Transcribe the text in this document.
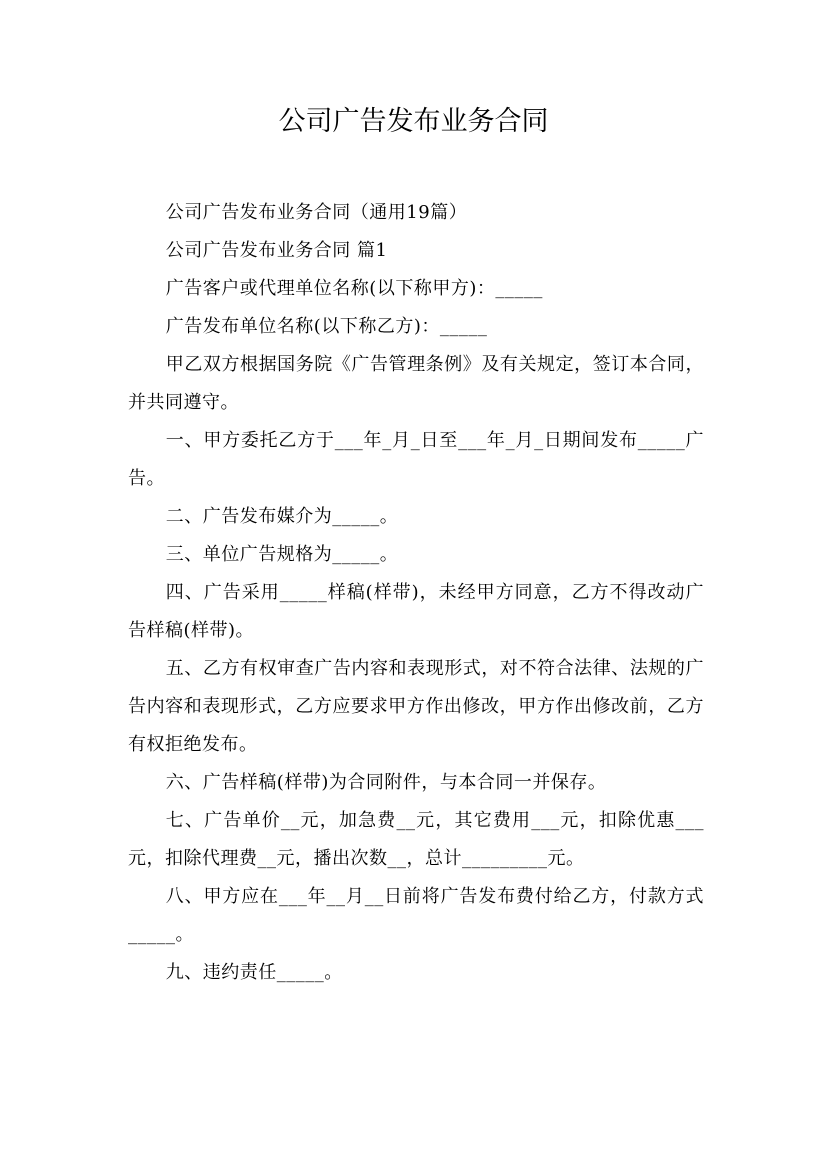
公司广告发布业务合同

公司广告发布业务合同（通用19篇）

公司广告发布业务合同 篇1

广告客户或代理单位名称(以下称甲方)：_____

广告发布单位名称(以下称乙方)：_____

甲乙双方根据国务院《广告管理条例》及有关规定，签订本合同，并共同遵守。

一、甲方委托乙方于___年_月_日至___年_月_日期间发布_____广告。

二、广告发布媒介为_____。

三、单位广告规格为_____。

四、广告采用_____样稿(样带)，未经甲方同意，乙方不得改动广告样稿(样带)。

五、乙方有权审查广告内容和表现形式，对不符合法律、法规的广告内容和表现形式，乙方应要求甲方作出修改，甲方作出修改前，乙方有权拒绝发布。

六、广告样稿(样带)为合同附件，与本合同一并保存。

七、广告单价__元，加急费__元，其它费用___元，扣除优惠___元，扣除代理费__元，播出次数__，总计_________元。

八、甲方应在___年__月__日前将广告发布费付给乙方，付款方式_____。

九、违约责任_____。
